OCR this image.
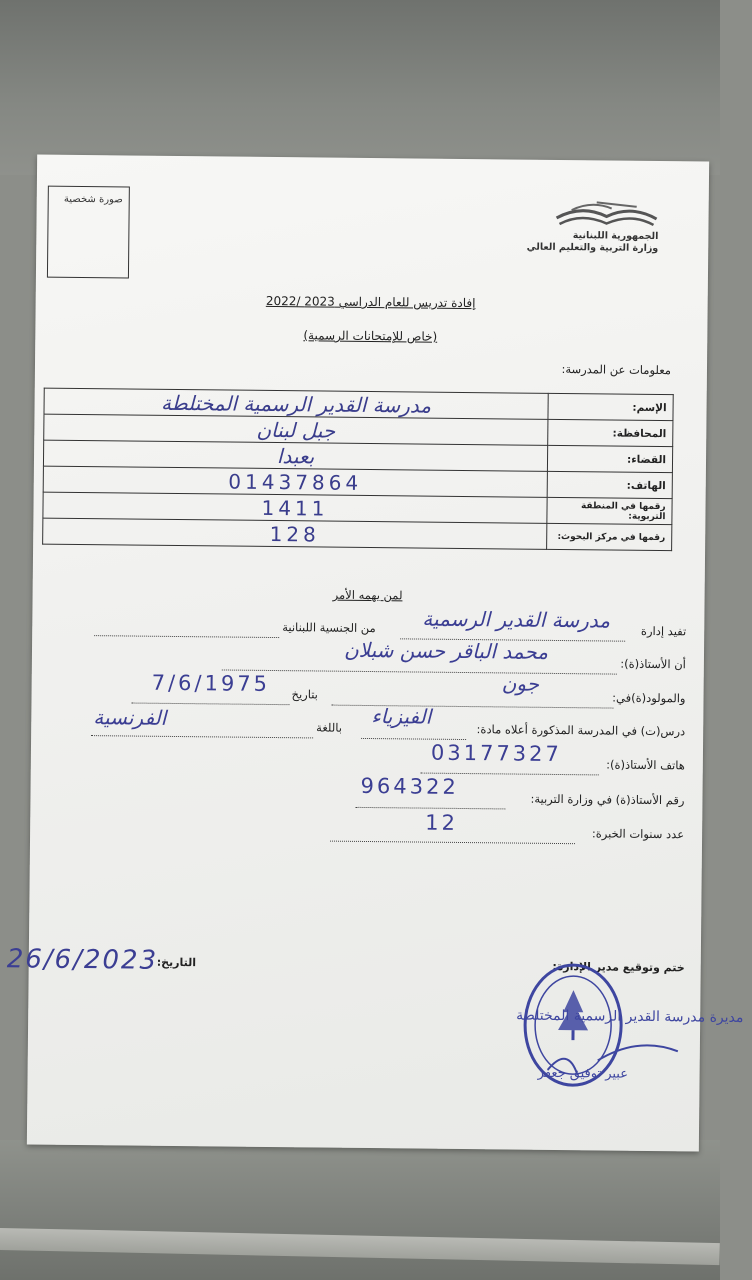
صورة شخصية
الجمهورية اللبنانية
وزارة التربية والتعليم العالي
إفادة تدريس للعام الدراسي 2023 /2022
(خاص للإمتحانات الرسمية)
معلومات عن المدرسة:
مدرسة القدير الرسمية المختلطة	الإسم:
جبل لبنان	المحافظة:
بعبدا	القضاء:
01437864	الهاتف:
1411	رقمها في المنطقة التربوية:
128	رقمها في مركز البحوث:
لمن يهمه الأمر
تفيد إدارة
مدرسة القدير الرسمية
من الجنسية اللبنانية
أن الأستاذ(ة):
محمد الباقر حسن شبلان
والمولود(ة)في:
جون
بتاريخ
7/6/1975
درس(ت) في المدرسة المذكورة أعلاه مادة:
الفيزياء
باللغة
الفرنسية
هاتف الأستاذ(ة):
03177327
رقم الأستاذ(ة) في وزارة التربية:
964322
عدد سنوات الخبرة:
12
ختم وتوقيع مدير الإدارة:
التاريخ:
26/6/2023
مديرة مدرسة القدير الرسمية المختلطة
عبير توفيق جعفر
